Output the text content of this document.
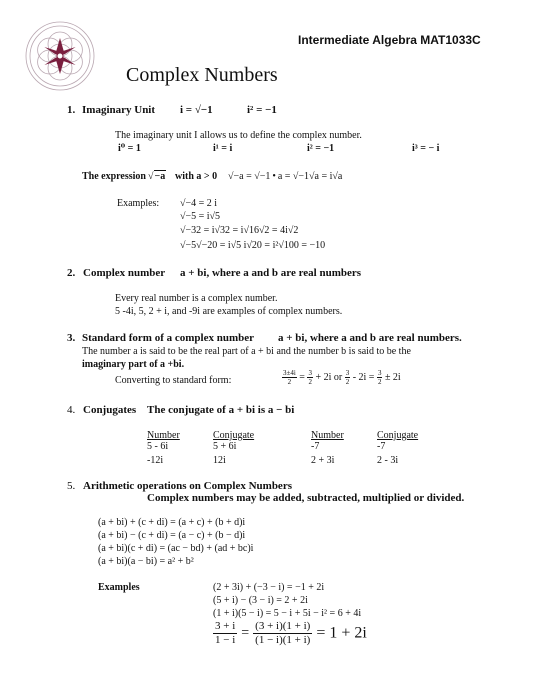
Intermediate Algebra MAT1033C
Complex Numbers
1. Imaginary Unit i = √−1	i² = −1
The imaginary unit I allows us to define the complex number.
i⁰ = 1	i¹ = i	i² = −1	i³ = − i
The expression √−a with a > 0 √−a = √−1 • a = √−1√a = i√a
Examples: √−4 = 2 i
√−5 = i√5
√−32 = i√32 = i√16√2 = 4i√2
√−5√−20 = i√5 i√20 = i²√100 = −10
2. Complex number a + bi, where a and b are real numbers
Every real number is a complex number.
5 -4i, 5, 2 + i, and -9i are examples of complex numbers.
3. Standard form of a complex number a + bi, where a and b are real numbers.
The number a is said to be the real part of a + bi and the number b is said to be the
imaginary part of a +bi.
Converting to standard form:	$\frac{3\pm 4i}{2} = \frac{3}{2} + 2i$ or $\frac{3}{2} - 2i = \frac{3}{2} \pm 2i$
4. Conjugates The conjugate of a + bi is a − bi
Number	Conjugate	Number	Conjugate
5 - 6i	5 + 6i	-7	-7
-12i	12i	2 + 3i	2 - 3i
5. Arithmetic operations on Complex Numbers
Complex numbers may be added, subtracted, multiplied or divided.
(a + bi) + (c + di) = (a + c) + (b + d)i
(a + bi) − (c + di) = (a − c) + (b − d)i
(a + bi)(c + di) = (ac − bd) + (ad + bc)i
(a + bi)(a − bi) = a² + b²
Examples	(2 + 3i) + (−3 − i) = −1 + 2i
(5 + i) − (3 − i) = 2 + 2i
(1 + i)(5 − i) = 5 − i + 5i − i² = 6 + 4i
$\frac{3 + i}{1 - i} = \frac{(3 + i)(1 + i)}{(1 - i)(1 + i)} = 1 + 2i$
